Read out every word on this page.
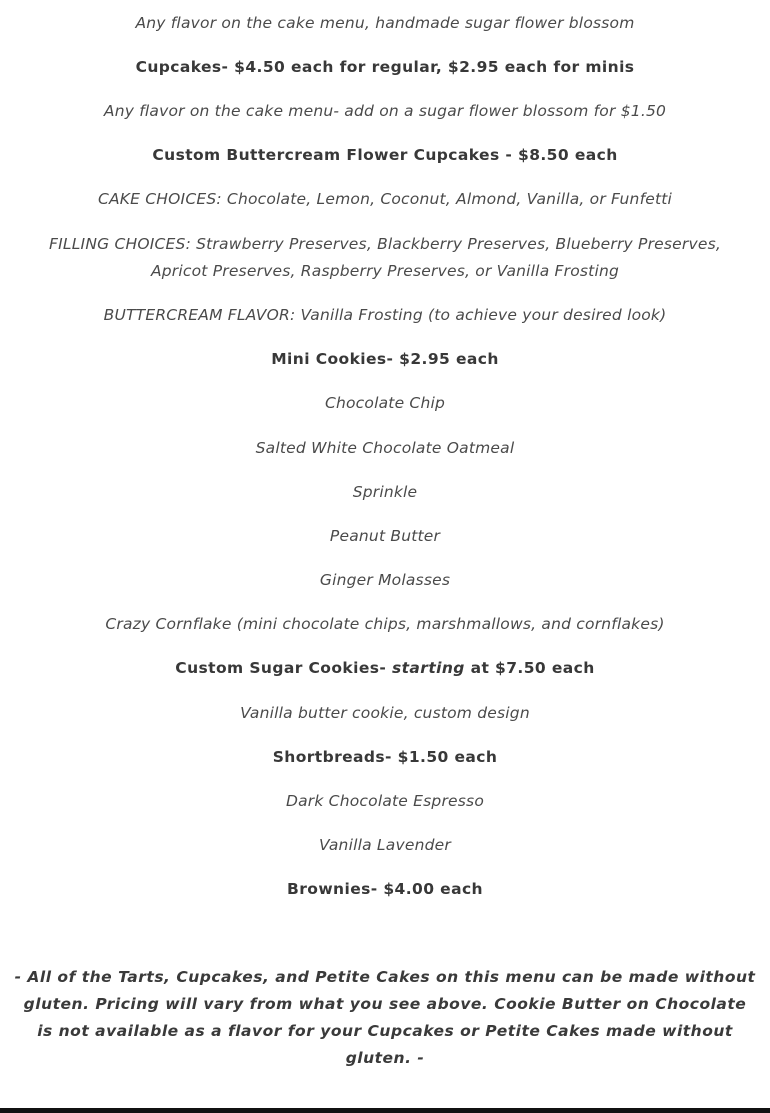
Any flavor on the cake menu, handmade sugar flower blossom
Cupcakes- $4.50 each for regular, $2.95 each for minis
Any flavor on the cake menu- add on a sugar flower blossom for $1.50
Custom Buttercream Flower Cupcakes - $8.50 each
CAKE CHOICES: Chocolate, Lemon, Coconut, Almond, Vanilla, or Funfetti
FILLING CHOICES: Strawberry Preserves, Blackberry Preserves, Blueberry Preserves, Apricot Preserves, Raspberry Preserves, or Vanilla Frosting
BUTTERCREAM FLAVOR: Vanilla Frosting (to achieve your desired look)
Mini Cookies- $2.95 each
Chocolate Chip
Salted White Chocolate Oatmeal
Sprinkle
Peanut Butter
Ginger Molasses
Crazy Cornflake (mini chocolate chips, marshmallows, and cornflakes)
Custom Sugar Cookies- starting at $7.50 each
Vanilla butter cookie, custom design
Shortbreads- $1.50 each
Dark Chocolate Espresso
Vanilla Lavender
Brownies- $4.00 each
- All of the Tarts, Cupcakes, and Petite Cakes on this menu can be made without gluten. Pricing will vary from what you see above. Cookie Butter on Chocolate is not available as a flavor for your Cupcakes or Petite Cakes made without gluten. -
